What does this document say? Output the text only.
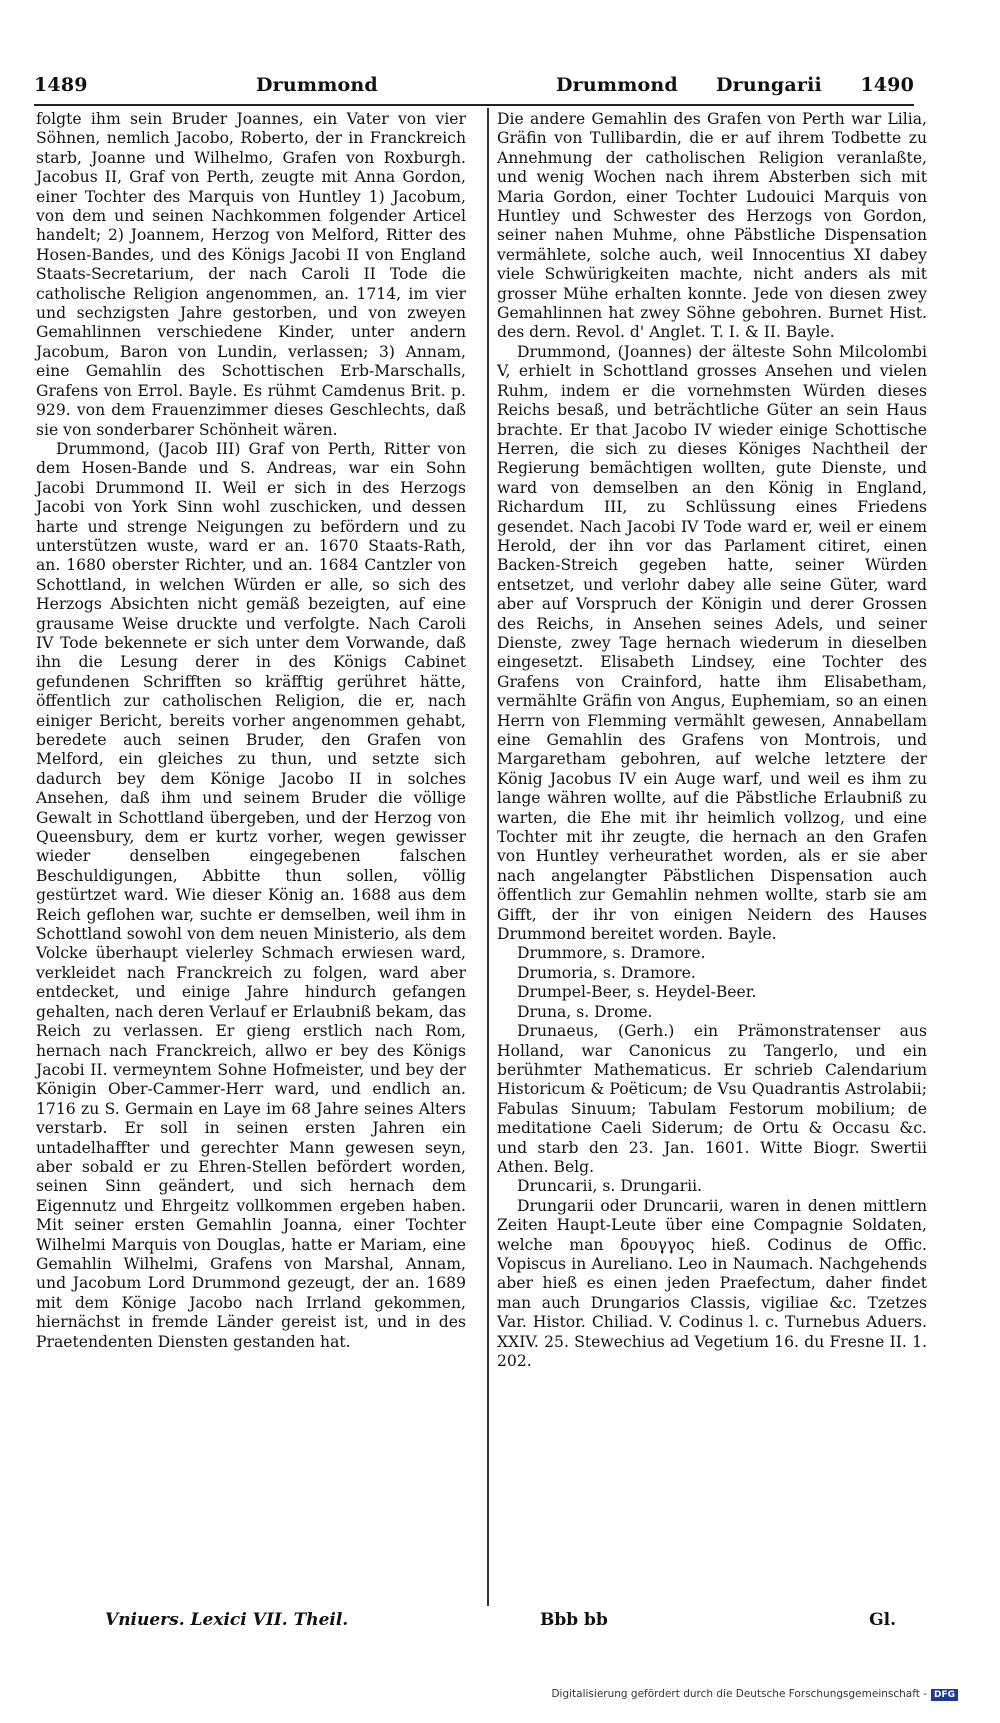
1489	Drummond	Drummond Drungarii 1490

folgte ihm sein Bruder Joannes, ein Vater von vier Söhnen, nemlich Jacobo, Roberto, der in Franckreich starb, Joanne und Wilhelmo, Grafen von Roxburgh. Jacobus II, Graf von Perth, zeugte mit Anna Gordon, einer Tochter des Marquis von Huntley 1) Jacobum, von dem und seinen Nachkommen folgender Articel handelt; 2) Joannem, Herzog von Melford, Ritter des Hosen-Bandes, und des Königs Jacobi II von England Staats-Secretarium, der nach Caroli II Tode die catholische Religion angenommen, an. 1714, im vier und sechzigsten Jahre gestorben, und von zweyen Gemahlinnen verschiedene Kinder, unter andern Jacobum, Baron von Lundin, verlassen; 3) Annam, eine Gemahlin des Schottischen Erb-Marschalls, Grafens von Errol. Bayle. Es rühmt Camdenus Brit. p. 929. von dem Frauenzimmer dieses Geschlechts, daß sie von sonderbarer Schönheit wären.

Drummond, (Jacob III) Graf von Perth, Ritter von dem Hosen-Bande und S. Andreas, war ein Sohn Jacobi Drummond II. Weil er sich in des Herzogs Jacobi von York Sinn wohl zuschicken, und dessen harte und strenge Neigungen zu befördern und zu unterstützen wuste, ward er an. 1670 Staats-Rath, an. 1680 oberster Richter, und an. 1684 Cantzler von Schottland, in welchen Würden er alle, so sich des Herzogs Absichten nicht gemäß bezeigten, auf eine grausame Weise druckte und verfolgte. Nach Caroli IV Tode bekennete er sich unter dem Vorwande, daß ihn die Lesung derer in des Königs Cabinet gefundenen Schrifften so kräfftig gerühret hätte, öffentlich zur catholischen Religion, die er, nach einiger Bericht, bereits vorher angenommen gehabt, beredete auch seinen Bruder, den Grafen von Melford, ein gleiches zu thun, und setzte sich dadurch bey dem Könige Jacobo II in solches Ansehen, daß ihm und seinem Bruder die völlige Gewalt in Schottland übergeben, und der Herzog von Queensbury, dem er kurtz vorher, wegen gewisser wieder denselben eingegebenen falschen Beschuldigungen, Abbitte thun sollen, völlig gestürtzet ward. Wie dieser König an. 1688 aus dem Reich geflohen war, suchte er demselben, weil ihm in Schottland sowohl von dem neuen Ministerio, als dem Volcke überhaupt vielerley Schmach erwiesen ward, verkleidet nach Franckreich zu folgen, ward aber entdecket, und einige Jahre hindurch gefangen gehalten, nach deren Verlauf er Erlaubniß bekam, das Reich zu verlassen. Er gieng erstlich nach Rom, hernach nach Franckreich, allwo er bey des Königs Jacobi II. vermeyntem Sohne Hofmeister, und bey der Königin Ober-Cammer-Herr ward, und endlich an. 1716 zu S. Germain en Laye im 68 Jahre seines Alters verstarb. Er soll in seinen ersten Jahren ein untadelhaffter und gerechter Mann gewesen seyn, aber sobald er zu Ehren-Stellen befördert worden, seinen Sinn geändert, und sich hernach dem Eigennutz und Ehrgeitz vollkommen ergeben haben. Mit seiner ersten Gemahlin Joanna, einer Tochter Wilhelmi Marquis von Douglas, hatte er Mariam, eine Gemahlin Wilhelmi, Grafens von Marshal, Annam, und Jacobum Lord Drummond gezeugt, der an. 1689 mit dem Könige Jacobo nach Irrland gekommen, hiernächst in fremde Länder gereist ist, und in des Praetendenten Diensten gestanden hat.

Die andere Gemahlin des Grafen von Perth war Lilia, Gräfin von Tullibardin, die er auf ihrem Todbette zu Annehmung der catholischen Religion veranlaßte, und wenig Wochen nach ihrem Absterben sich mit Maria Gordon, einer Tochter Ludouici Marquis von Huntley und Schwester des Herzogs von Gordon, seiner nahen Muhme, ohne Päbstliche Dispensation vermählete, solche auch, weil Innocentius XI dabey viele Schwürigkeiten machte, nicht anders als mit grosser Mühe erhalten konnte. Jede von diesen zwey Gemahlinnen hat zwey Söhne gebohren. Burnet Hist. des dern. Revol. d' Anglet. T. I. & II. Bayle.

Drummond, (Joannes) der älteste Sohn Milcolombi V, erhielt in Schottland grosses Ansehen und vielen Ruhm, indem er die vornehmsten Würden dieses Reichs besaß, und beträchtliche Güter an sein Haus brachte. Er that Jacobo IV wieder einige Schottische Herren, die sich zu dieses Königes Nachtheil der Regierung bemächtigen wollten, gute Dienste, und ward von demselben an den König in England, Richardum III, zu Schlüssung eines Friedens gesendet. Nach Jacobi IV Tode ward er, weil er einem Herold, der ihn vor das Parlament citiret, einen Backen-Streich gegeben hatte, seiner Würden entsetzet, und verlohr dabey alle seine Güter, ward aber auf Vorspruch der Königin und derer Grossen des Reichs, in Ansehen seines Adels, und seiner Dienste, zwey Tage hernach wiederum in dieselben eingesetzt. Elisabeth Lindsey, eine Tochter des Grafens von Crainford, hatte ihm Elisabetham, vermählte Gräfin von Angus, Euphemiam, so an einen Herrn von Flemming vermählt gewesen, Annabellam eine Gemahlin des Grafens von Montrois, und Margaretham gebohren, auf welche letztere der König Jacobus IV ein Auge warf, und weil es ihm zu lange währen wollte, auf die Päbstliche Erlaubniß zu warten, die Ehe mit ihr heimlich vollzog, und eine Tochter mit ihr zeugte, die hernach an den Grafen von Huntley verheurathet worden, als er sie aber nach angelangter Päbstlichen Dispensation auch öffentlich zur Gemahlin nehmen wollte, starb sie am Gifft, der ihr von einigen Neidern des Hauses Drummond bereitet worden. Bayle.

Drummore, s. Dramore.

Drumoria, s. Dramore.

Drumpel-Beer, s. Heydel-Beer.

Druna, s. Drome.

Drunaeus, (Gerh.) ein Prämonstratenser aus Holland, war Canonicus zu Tangerlo, und ein berühmter Mathematicus. Er schrieb Calendarium Historicum & Poëticum; de Vsu Quadrantis Astrolabii; Fabulas Sinuum; Tabulam Festorum mobilium; de meditatione Caeli Siderum; de Ortu & Occasu &c. und starb den 23. Jan. 1601. Witte Biogr. Swertii Athen. Belg.

Druncarii, s. Drungarii.

Drungarii oder Druncarii, waren in denen mittlern Zeiten Haupt-Leute über eine Compagnie Soldaten, welche man δρουγγος hieß. Codinus de Offic. Vopiscus in Aureliano. Leo in Naumach. Nachgehends aber hieß es einen jeden Praefectum, daher findet man auch Drungarios Classis, vigiliae &c. Tzetzes Var. Histor. Chiliad. V. Codinus l. c. Turnebus Aduers. XXIV. 25. Stewechius ad Vegetium 16. du Fresne II. 1. 202.

Vniuers. Lexici VII. Theil.	Bbb bb	Gl.
Digitalisierung gefördert durch die Deutsche Forschungsgemeinschaft - DFG
